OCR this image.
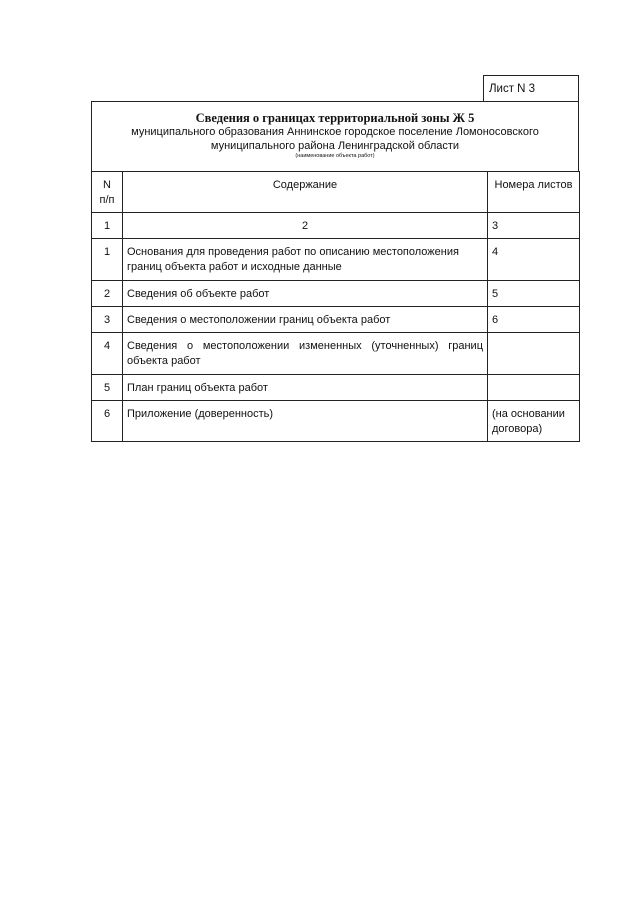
Лист N 3
Сведения о границах территориальной зоны Ж 5
муниципального образования Аннинское городское поселение Ломоносовского
муниципального района Ленинградской области
(наименование объекта работ)
N
п/п	Содержание	Номера листов
1	2	3
1	Основания для проведения работ по описанию местоположения границ объекта работ и исходные данные	4
2	Сведения об объекте работ	5
3	Сведения о местоположении границ объекта работ	6
4	Сведения о местоположении измененных (уточненных) границ объекта работ	
5	План границ объекта работ	
6	Приложение (доверенность)	(на основании договора)
